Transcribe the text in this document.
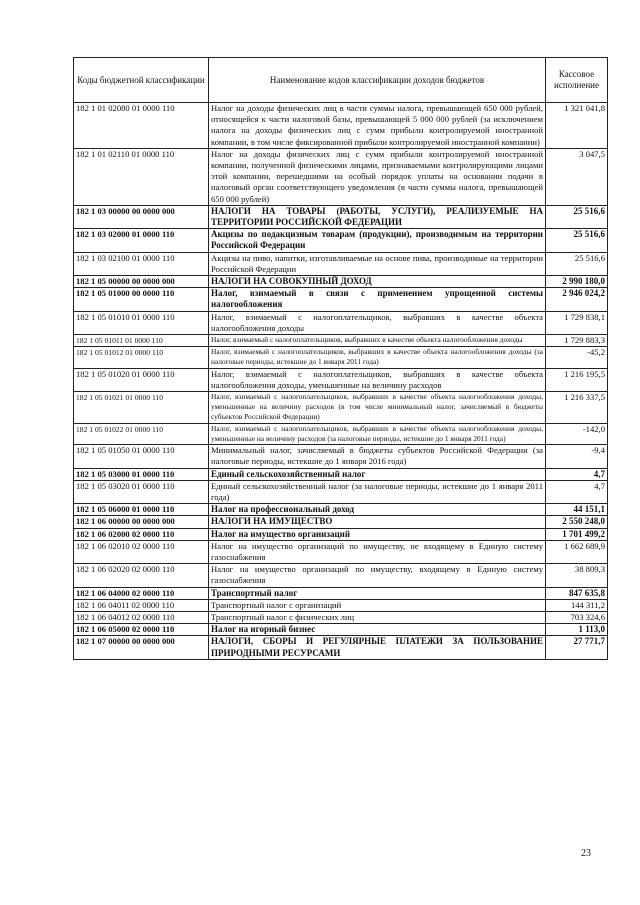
Коды бюджетной классификации	Наименование кодов классификации доходов бюджетов	Кассовое исполнение
182 1 01 02080 01 0000 110	Налог на доходы физических лиц в части суммы налога, превышающей 650 000 рублей, относящейся к части налоговой базы, превышающей 5 000 000 рублей (за исключением налога на доходы физических лиц с сумм прибыли контролируемой иностранной компании, в том числе фиксированной прибыли контролируемой иностранной компании)	1 321 041,8
182 1 01 02110 01 0000 110	Налог на доходы физических лиц с сумм прибыли контролируемой иностранной компании, полученной физическими лицами, признаваемыми контролирующими лицами этой компании, перешедшими на особый порядок уплаты на основании подачи в налоговый орган соответствующего уведомления (в части суммы налога, превышающей 650 000 рублей)	3 047,5
182 1 03 00000 00 0000 000	НАЛОГИ НА ТОВАРЫ (РАБОТЫ, УСЛУГИ), РЕАЛИЗУЕМЫЕ НА ТЕРРИТОРИИ РОССИЙСКОЙ ФЕДЕРАЦИИ	25 516,6
182 1 03 02000 01 0000 110	Акцизы по подакцизным товарам (продукции), производимым на территории Российской Федерации	25 516,6
182 1 03 02100 01 0000 110	Акцизы на пиво, напитки, изготавливаемые на основе пива, производимые на территории Российской Федерации	25 516,6
182 1 05 00000 00 0000 000	НАЛОГИ НА СОВОКУПНЫЙ ДОХОД	2 990 180,0
182 1 05 01000 00 0000 110	Налог, взимаемый в связи с применением упрощенной системы налогообложения	2 946 024,2
182 1 05 01010 01 0000 110	Налог, взимаемый с налогоплательщиков, выбравших в качестве объекта налогообложения доходы	1 729 838,1
182 1 05 01011 01 0000 110	Налог, взимаемый с налогоплательщиков, выбравших в качестве объекта налогообложения доходы	1 729 883,3
182 1 05 01012 01 0000 110	Налог, взимаемый с налогоплательщиков, выбравших в качестве объекта налогообложения доходы (за налоговые периоды, истекшие до 1 января 2011 года)	-45,2
182 1 05 01020 01 0000 110	Налог, взимаемый с налогоплательщиков, выбравших в качестве объекта налогообложения доходы, уменьшенные на величину расходов	1 216 195,5
182 1 05 01021 01 0000 110	Налог, взимаемый с налогоплательщиков, выбравших в качестве объекта налогообложения доходы, уменьшенные на величину расходов (в том числе минимальный налог, зачисляемый в бюджеты субъектов Российской Федерации)	1 216 337,5
182 1 05 01022 01 0000 110	Налог, взимаемый с налогоплательщиков, выбравших в качестве объекта налогообложения доходы, уменьшенные на величину расходов (за налоговые периоды, истекшие до 1 января 2011 года)	-142,0
182 1 05 01050 01 0000 110	Минимальный налог, зачисляемый в бюджеты субъектов Российской Федерации (за налоговые периоды, истекшие до 1 января 2016 года)	-9,4
182 1 05 03000 01 0000 110	Единый сельскохозяйственный налог	4,7
182 1 05 03020 01 0000 110	Единый сельскохозяйственный налог (за налоговые периоды, истекшие до 1 января 2011 года)	4,7
182 1 05 06000 01 0000 110	Налог на профессиональный доход	44 151,1
182 1 06 00000 00 0000 000	НАЛОГИ НА ИМУЩЕСТВО	2 550 248,0
182 1 06 02000 02 0000 110	Налог на имущество организаций	1 701 499,2
182 1 06 02010 02 0000 110	Налог на имущество организаций по имуществу, не входящему в Единую систему газоснабжения	1 662 689,9
182 1 06 02020 02 0000 110	Налог на имущество организаций по имуществу, входящему в Единую систему газоснабжения	38 809,3
182 1 06 04000 02 0000 110	Транспортный налог	847 635,8
182 1 06 04011 02 0000 110	Транспортный налог с организаций	144 311,2
182 1 06 04012 02 0000 110	Транспортный налог с физических лиц	703 324,6
182 1 06 05000 02 0000 110	Налог на игорный бизнес	1 113,0
182 1 07 00000 00 0000 000	НАЛОГИ, СБОРЫ И РЕГУЛЯРНЫЕ ПЛАТЕЖИ ЗА ПОЛЬЗОВАНИЕ ПРИРОДНЫМИ РЕСУРСАМИ	27 771,7
23
